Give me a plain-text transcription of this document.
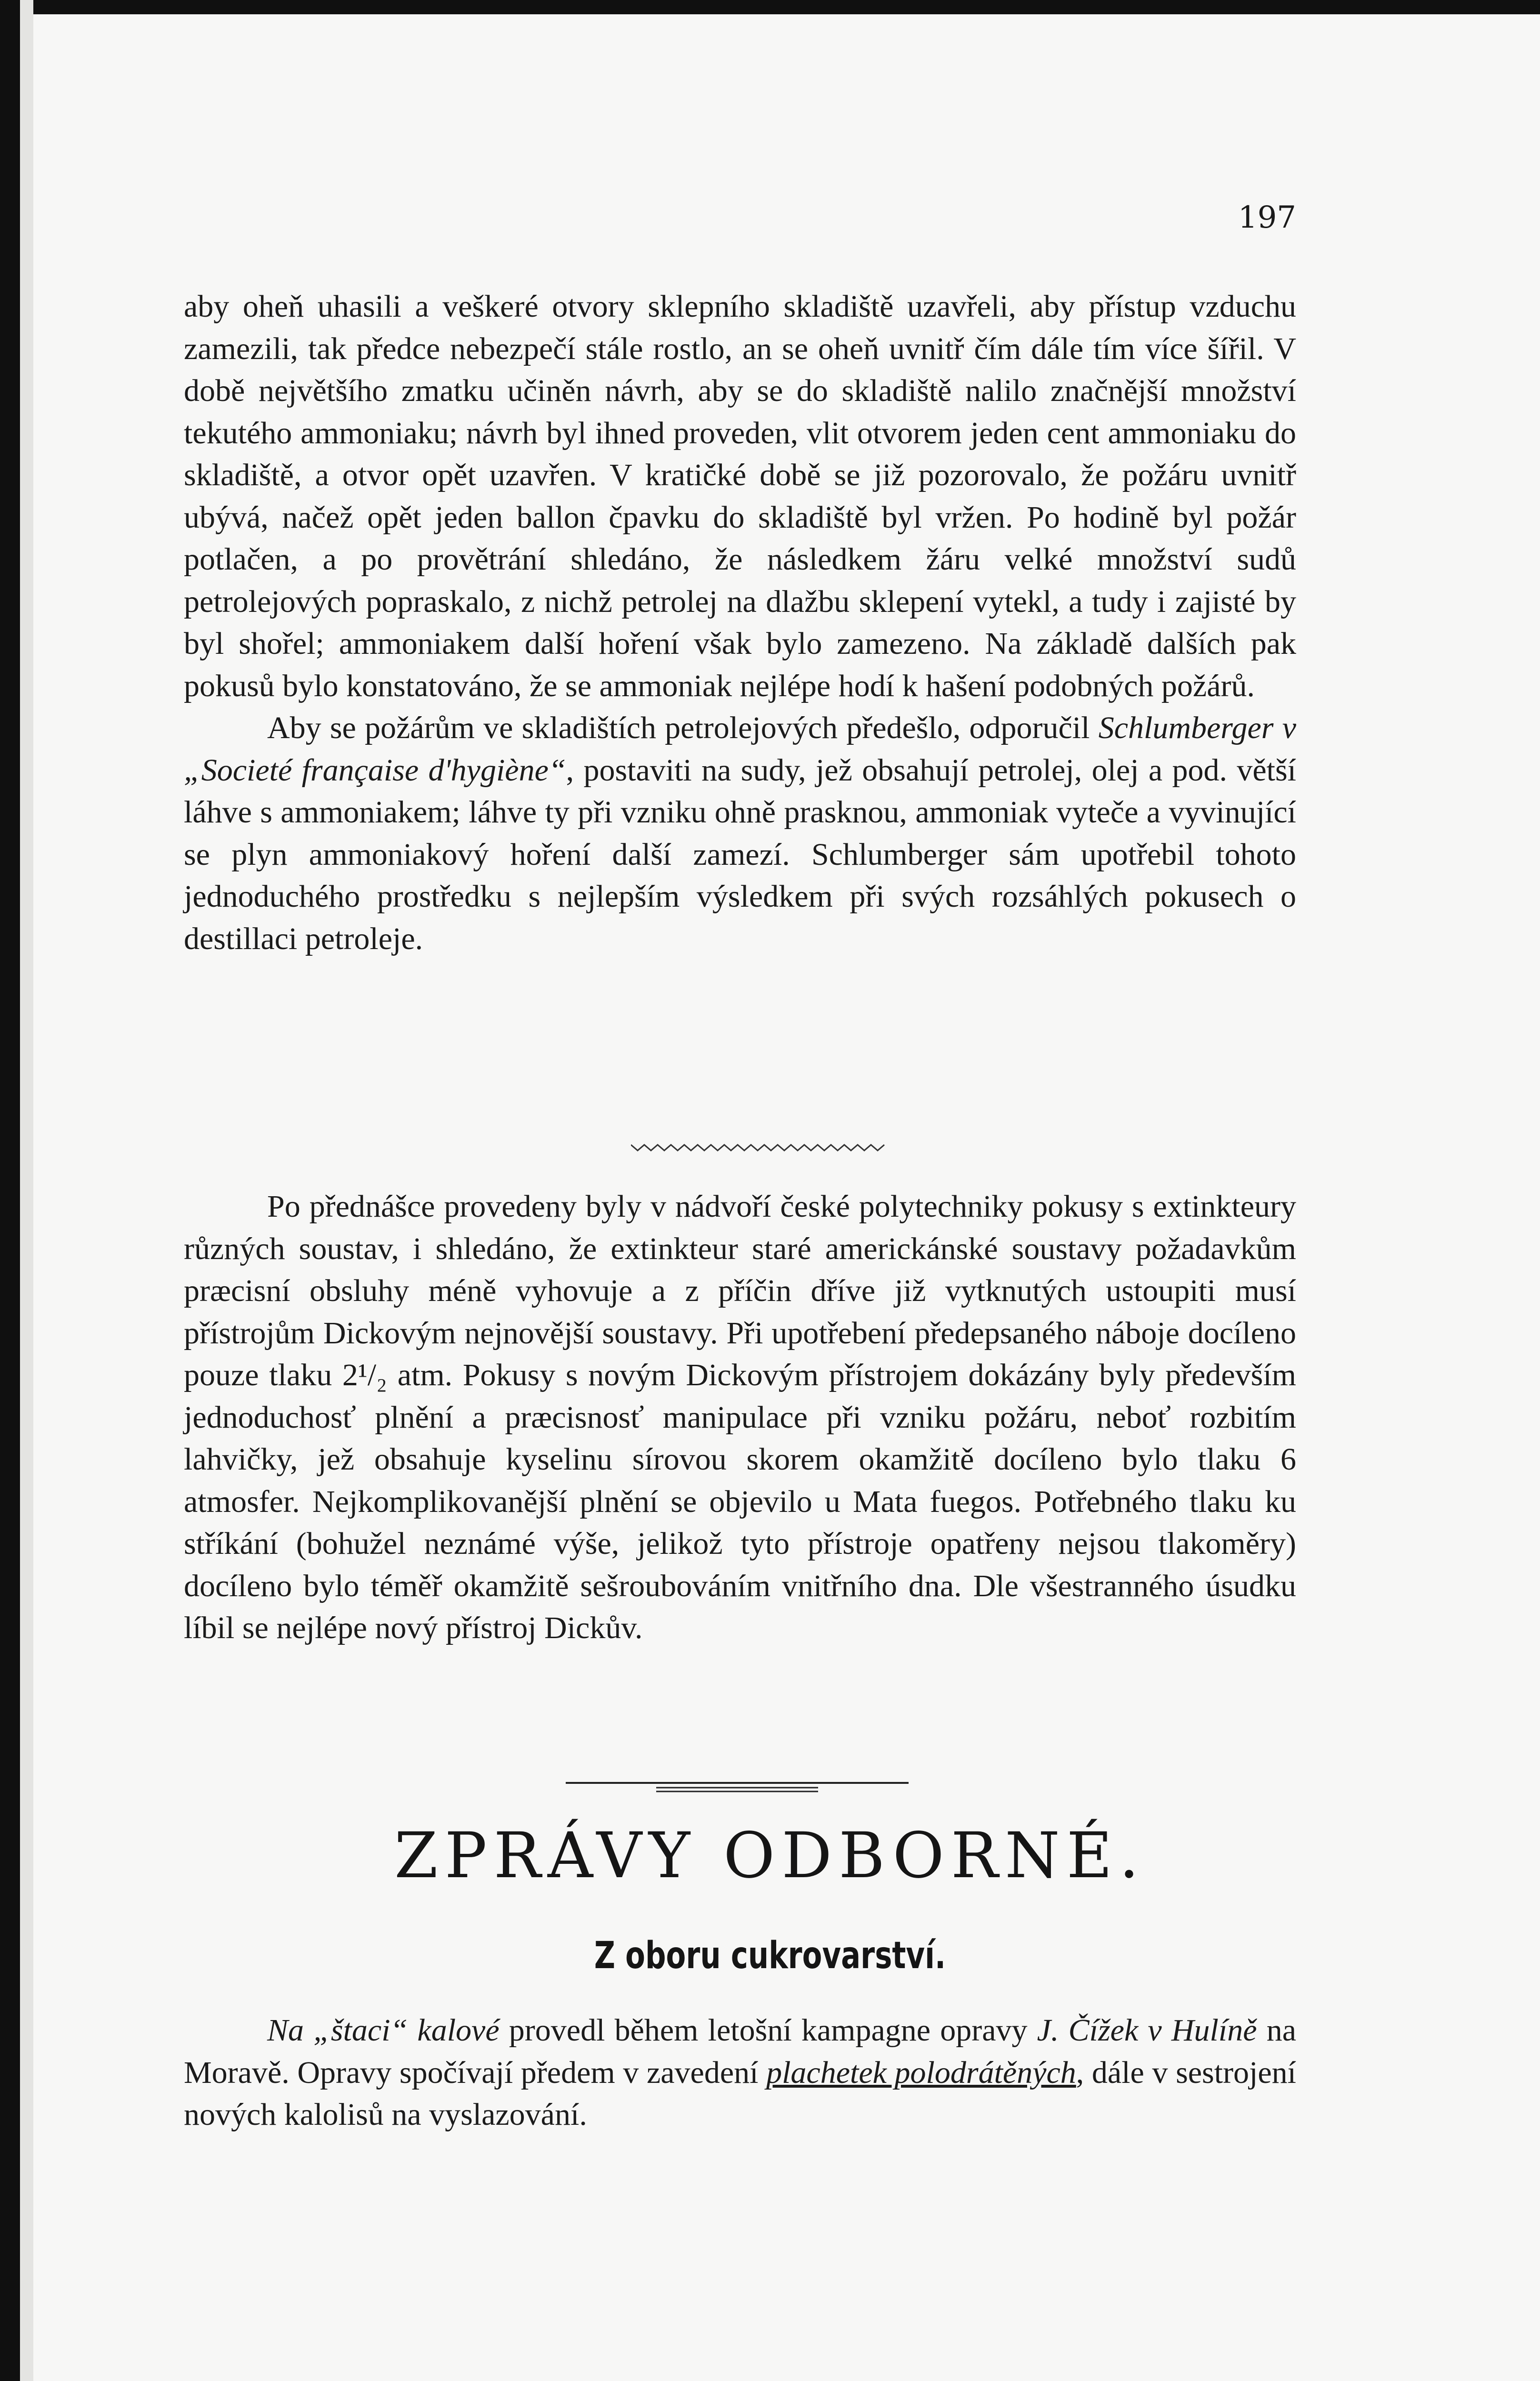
197

aby oheň uhasili a veškeré otvory sklepního skladiště uzavřeli, aby přístup vzduchu zamezili, tak předce nebezpečí stále rostlo, an se oheň uvnitř čím dále tím více šířil. V době největšího zmatku učiněn návrh, aby se do skladiště nalilo značnější množství tekutého ammoniaku; návrh byl ihned proveden, vlit otvorem jeden cent ammoniaku do skladiště, a otvor opět uzavřen. V kratičké době se již pozorovalo, že požáru uvnitř ubývá, načež opět jeden ballon čpavku do skladiště byl vržen. Po hodině byl požár potlačen, a po provětrání shledáno, že následkem žáru velké množství sudů petrolejových popraskalo, z nichž petrolej na dlažbu sklepení vytekl, a tudy i zajisté by byl shořel; ammoniakem další hoření však bylo zamezeno. Na základě dalších pak pokusů bylo konstatováno, že se ammoniak nejlépe hodí k hašení podobných požárů.

Aby se požárům ve skladištích petrolejových předešlo, odporučil Schlumberger v „Societé française d'hygiène“, postaviti na sudy, jež obsahují petrolej, olej a pod. větší láhve s ammoniakem; láhve ty při vzniku ohně prasknou, ammoniak vyteče a vyvinující se plyn ammoniakový hoření další zamezí. Schlumberger sám upotřebil tohoto jednoduchého prostředku s nejlepším výsledkem při svých rozsáhlých pokusech o destillaci petroleje.

Po přednášce provedeny byly v nádvoří české polytechniky pokusy s extinkteury různých soustav, i shledáno, že extinkteur staré americkánské soustavy požadavkům præcisní obsluhy méně vyhovuje a z příčin dříve již vytknutých ustoupiti musí přístrojům Dickovým nejnovější soustavy. Při upotřebení předepsaného náboje docíleno pouze tlaku 2¹/₂ atm. Pokusy s novým Dickovým přístrojem dokázány byly především jednoduchosť plnění a præcisnosť manipulace při vzniku požáru, neboť rozbitím lahvičky, jež obsahuje kyselinu sírovou skorem okamžitě docíleno bylo tlaku 6 atmosfer. Nejkomplikovanější plnění se objevilo u Mata fuegos. Potřebného tlaku ku stříkání (bohužel neznámé výše, jelikož tyto přístroje opatřeny nejsou tlakoměry) docíleno bylo téměř okamžitě sešroubováním vnitřního dna. Dle všestranného úsudku líbil se nejlépe nový přístroj Dickův.

ZPRÁVY ODBORNÉ.
Z oboru cukrovarství.

Na „štaci“ kalové provedl během letošní kampagne opravy J. Čížek v Hulíně na Moravě. Opravy spočívají předem v zavedení plachetek polodrátěných, dále v sestrojení nových kalolisů na vyslazování.
